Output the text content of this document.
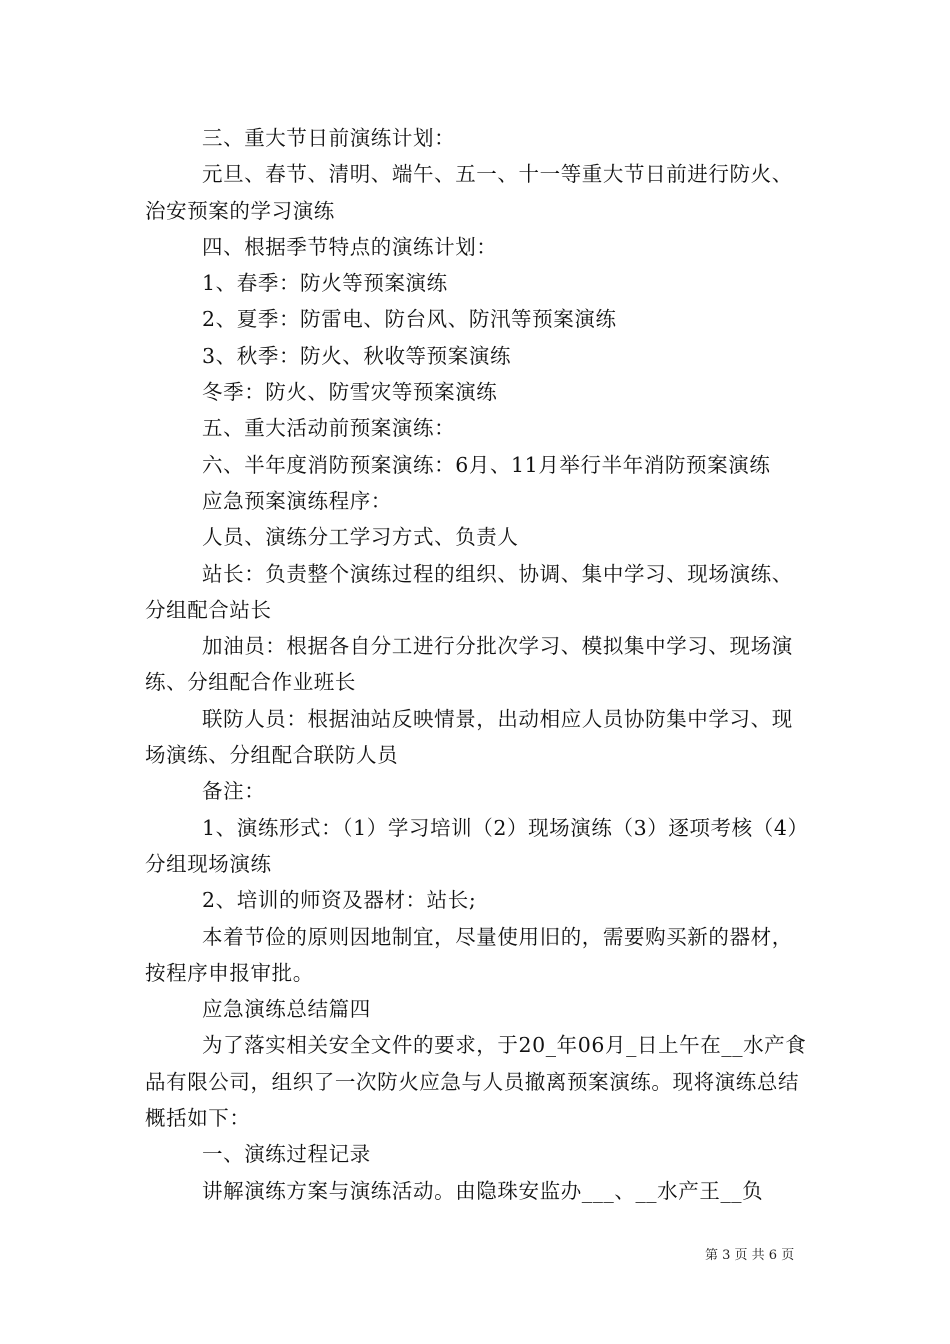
三、重大节日前演练计划：

元旦、春节、清明、端午、五一、十一等重大节日前进行防火、治安预案的学习演练

四、根据季节特点的演练计划：

1、春季：防火等预案演练

2、夏季：防雷电、防台风、防汛等预案演练

3、秋季：防火、秋收等预案演练

冬季：防火、防雪灾等预案演练

五、重大活动前预案演练：

六、半年度消防预案演练：6月、11月举行半年消防预案演练

应急预案演练程序：

人员、演练分工学习方式、负责人

站长：负责整个演练过程的组织、协调、集中学习、现场演练、分组配合站长

加油员：根据各自分工进行分批次学习、模拟集中学习、现场演练、分组配合作业班长

联防人员：根据油站反映情景，出动相应人员协防集中学习、现场演练、分组配合联防人员

备注：

1、演练形式：（1）学习培训（2）现场演练（3）逐项考核（4）分组现场演练

2、培训的师资及器材：站长;

本着节俭的原则因地制宜，尽量使用旧的，需要购买新的器材，按程序申报审批。

应急演练总结篇四

为了落实相关安全文件的要求，于20_年06月_日上午在__水产食品有限公司，组织了一次防火应急与人员撤离预案演练。现将演练总结概括如下：

一、演练过程记录

讲解演练方案与演练活动。由隐珠安监办___、__水产王__负

第 3 页 共 6 页
